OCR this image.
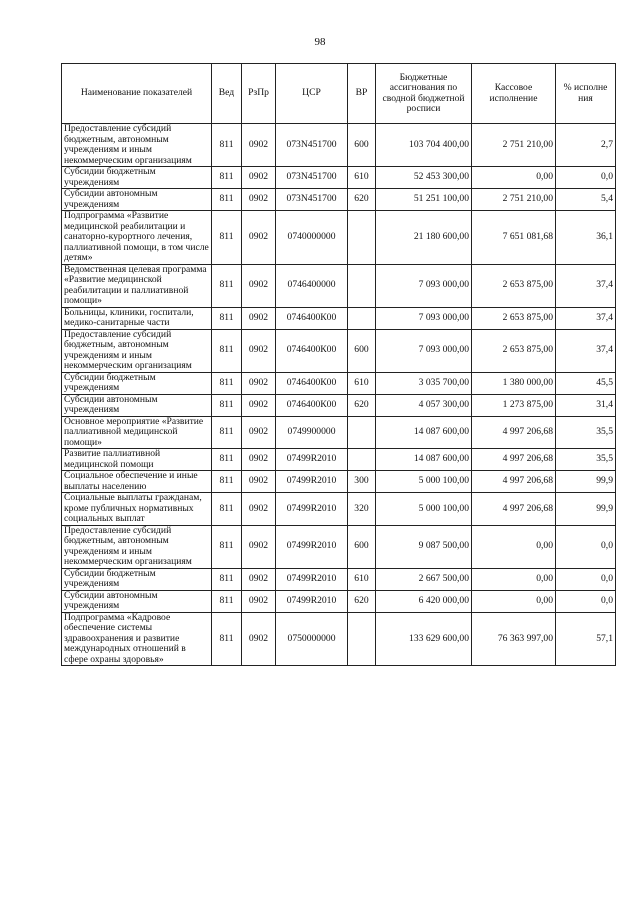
98
Наименование показателей	Вед	РзПр	ЦСР	ВР	Бюджетные ассигнования по сводной бюджетной росписи	Кассовое исполнение	% исполне ния
Предоставление субсидий бюджетным, автономным учреждениям и иным некоммерческим организациям	811	0902	073N451700	600	103 704 400,00	2 751 210,00	2,7
Субсидии бюджетным учреждениям	811	0902	073N451700	610	52 453 300,00	0,00	0,0
Субсидии автономным учреждениям	811	0902	073N451700	620	51 251 100,00	2 751 210,00	5,4
Подпрограмма «Развитие медицинской реабилитации и санаторно-курортного лечения, паллиативной помощи, в том числе детям»	811	0902	0740000000		21 180 600,00	7 651 081,68	36,1
Ведомственная целевая программа «Развитие медицинской реабилитации и паллиативной помощи»	811	0902	0746400000		7 093 000,00	2 653 875,00	37,4
Больницы, клиники, госпитали, медико-санитарные части	811	0902	0746400К00		7 093 000,00	2 653 875,00	37,4
Предоставление субсидий бюджетным, автономным учреждениям и иным некоммерческим организациям	811	0902	0746400К00	600	7 093 000,00	2 653 875,00	37,4
Субсидии бюджетным учреждениям	811	0902	0746400К00	610	3 035 700,00	1 380 000,00	45,5
Субсидии автономным учреждениям	811	0902	0746400К00	620	4 057 300,00	1 273 875,00	31,4
Основное мероприятие «Развитие паллиативной медицинской помощи»	811	0902	0749900000		14 087 600,00	4 997 206,68	35,5
Развитие паллиативной медицинской помощи	811	0902	07499R2010		14 087 600,00	4 997 206,68	35,5
Социальное обеспечение и иные выплаты населению	811	0902	07499R2010	300	5 000 100,00	4 997 206,68	99,9
Социальные выплаты гражданам, кроме публичных нормативных социальных выплат	811	0902	07499R2010	320	5 000 100,00	4 997 206,68	99,9
Предоставление субсидий бюджетным, автономным учреждениям и иным некоммерческим организациям	811	0902	07499R2010	600	9 087 500,00	0,00	0,0
Субсидии бюджетным учреждениям	811	0902	07499R2010	610	2 667 500,00	0,00	0,0
Субсидии автономным учреждениям	811	0902	07499R2010	620	6 420 000,00	0,00	0,0
Подпрограмма «Кадровое обеспечение системы здравоохранения и развитие международных отношений в сфере охраны здоровья»	811	0902	0750000000		133 629 600,00	76 363 997,00	57,1
